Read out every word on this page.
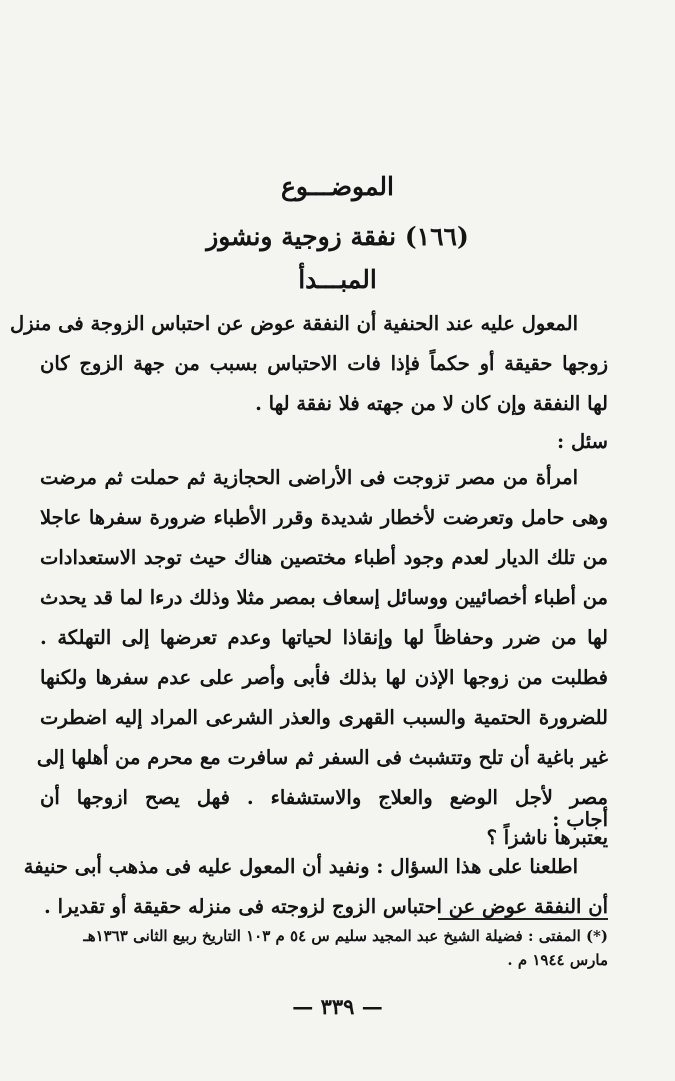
الموضـــوع
(١٦٦) نفقة زوجية ونشوز
المبـــدأ
المعول عليه عند الحنفية أن النفقة عوض عن احتباس الزوجة فى منزل
زوجها حقيقة أو حكماً فإذا فات الاحتباس بسبب من جهة الزوج كان
لها النفقة وإن كان لا من جهته فلا نفقة لها .
سئل :
امرأة من مصر تزوجت فى الأراضى الحجازية ثم حملت ثم مرضت
وهى حامل وتعرضت لأخطار شديدة وقرر الأطباء ضرورة سفرها عاجلا
من تلك الديار لعدم وجود أطباء مختصين هناك حيث توجد الاستعدادات
من أطباء أخصائيين ووسائل إسعاف بمصر مثلا وذلك درءا لما قد يحدث
لها من ضرر وحفاظاً لها وإنقاذا لحياتها وعدم تعرضها إلى التهلكة .
فطلبت من زوجها الإذن لها بذلك فأبى وأصر على عدم سفرها ولكنها
للضرورة الحتمية والسبب القهرى والعذر الشرعى المراد إليه اضطرت
غير باغية أن تلح وتتشبث فى السفر ثم سافرت مع محرم من أهلها إلى
مصر لأجل الوضع والعلاج والاستشفاء . فهل يصح ازوجها أن
يعتبرها ناشزاً ؟
أجاب :
اطلعنا على هذا السؤال : ونفيد أن المعول عليه فى مذهب أبى حنيفة
أن النفقة عوض عن احتباس الزوج لزوجته فى منزله حقيقة أو تقديرا .
(*) المفتى : فضيلة الشيخ عبد المجيد سليم س ٥٤ م ١٠٣ التاريخ ربيع الثانى ١٣٦٣هـ
مارس ١٩٤٤ م .
— ٣٣٩ —
